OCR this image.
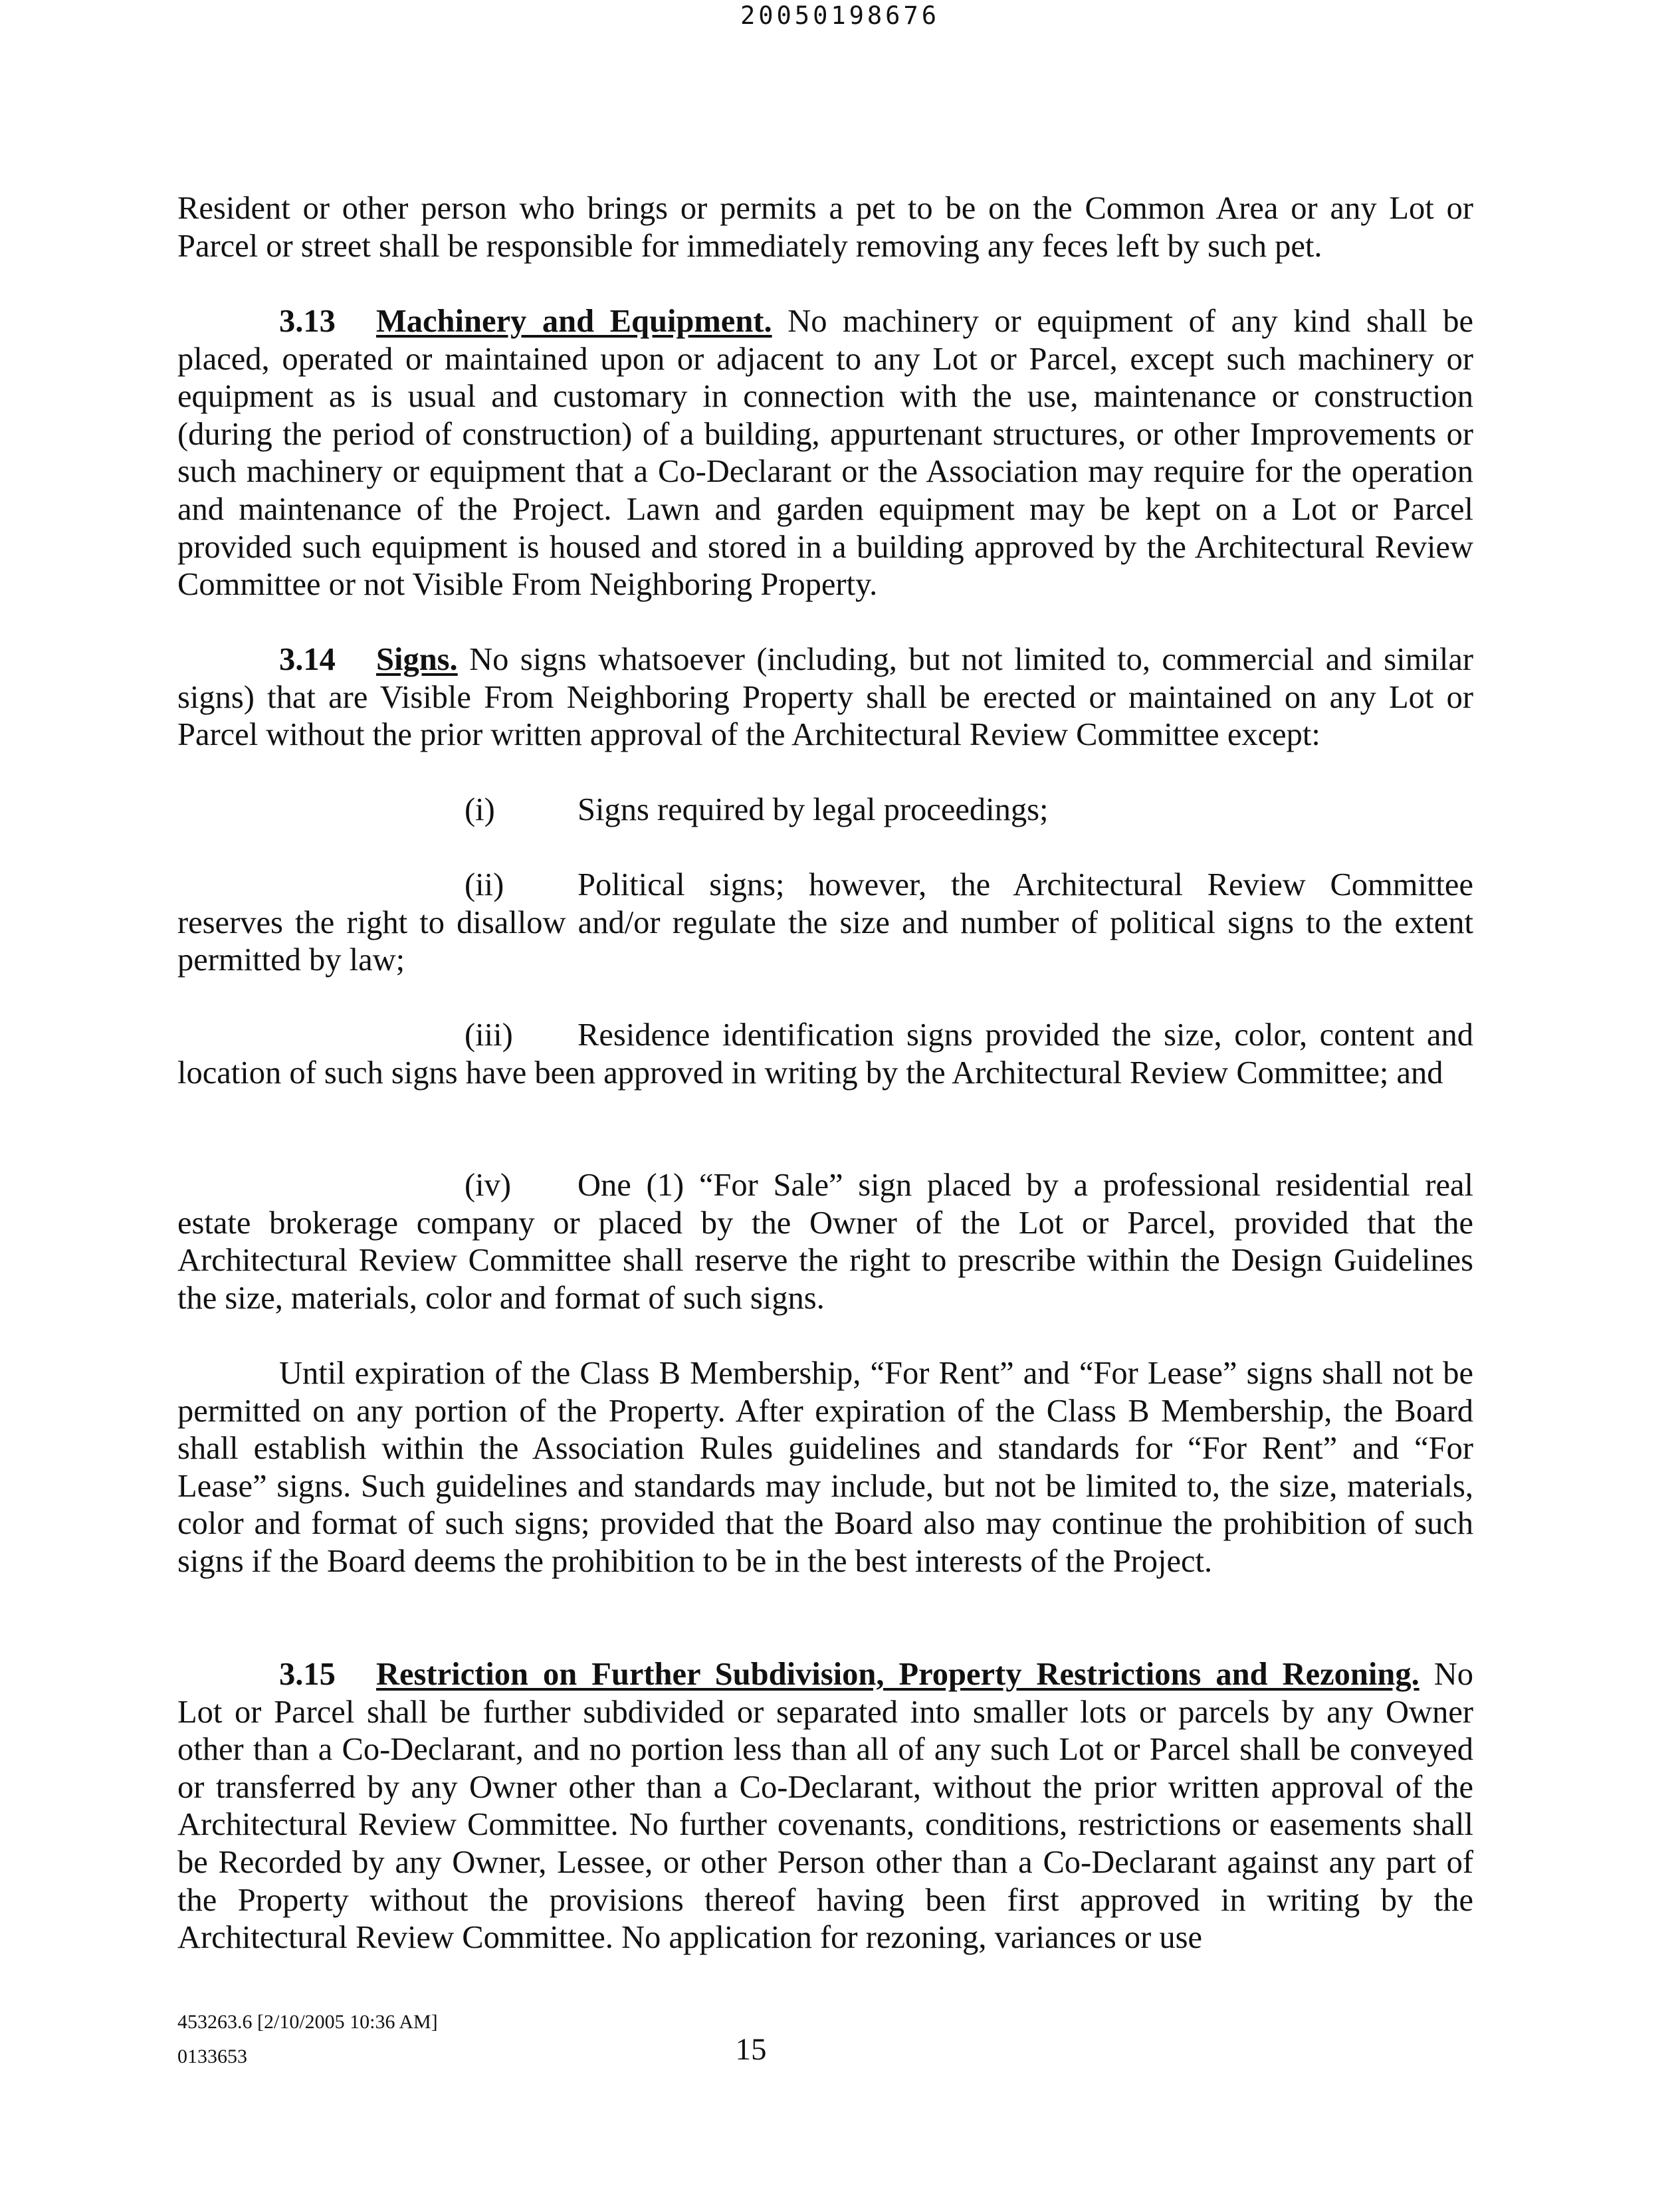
20050198676

Resident or other person who brings or permits a pet to be on the Common Area or any Lot or Parcel or street shall be responsible for immediately removing any feces left by such pet.

3.13 Machinery and Equipment. No machinery or equipment of any kind shall be placed, operated or maintained upon or adjacent to any Lot or Parcel, except such machinery or equipment as is usual and customary in connection with the use, maintenance or construction (during the period of construction) of a building, appurtenant structures, or other Improvements or such machinery or equipment that a Co-Declarant or the Association may require for the operation and maintenance of the Project. Lawn and garden equipment may be kept on a Lot or Parcel provided such equipment is housed and stored in a building approved by the Architectural Review Committee or not Visible From Neighboring Property.

3.14 Signs. No signs whatsoever (including, but not limited to, commercial and similar signs) that are Visible From Neighboring Property shall be erected or maintained on any Lot or Parcel without the prior written approval of the Architectural Review Committee except:

(i)	Signs required by legal proceedings;

(ii) Political signs; however, the Architectural Review Committee reserves the right to disallow and/or regulate the size and number of political signs to the extent permitted by law;

(iii) Residence identification signs provided the size, color, content and location of such signs have been approved in writing by the Architectural Review Committee; and

(iv) One (1) “For Sale” sign placed by a professional residential real estate brokerage company or placed by the Owner of the Lot or Parcel, provided that the Architectural Review Committee shall reserve the right to prescribe within the Design Guidelines the size, materials, color and format of such signs.

Until expiration of the Class B Membership, “For Rent” and “For Lease” signs shall not be permitted on any portion of the Property. After expiration of the Class B Membership, the Board shall establish within the Association Rules guidelines and standards for “For Rent” and “For Lease” signs. Such guidelines and standards may include, but not be limited to, the size, materials, color and format of such signs; provided that the Board also may continue the prohibition of such signs if the Board deems the prohibition to be in the best interests of the Project.

3.15 Restriction on Further Subdivision, Property Restrictions and Rezoning. No Lot or Parcel shall be further subdivided or separated into smaller lots or parcels by any Owner other than a Co-Declarant, and no portion less than all of any such Lot or Parcel shall be conveyed or transferred by any Owner other than a Co-Declarant, without the prior written approval of the Architectural Review Committee. No further covenants, conditions, restrictions or easements shall be Recorded by any Owner, Lessee, or other Person other than a Co-Declarant against any part of the Property without the provisions thereof having been first approved in writing by the Architectural Review Committee. No application for rezoning, variances or use

453263.6 [2/10/2005 10:36 AM]
0133653	15
